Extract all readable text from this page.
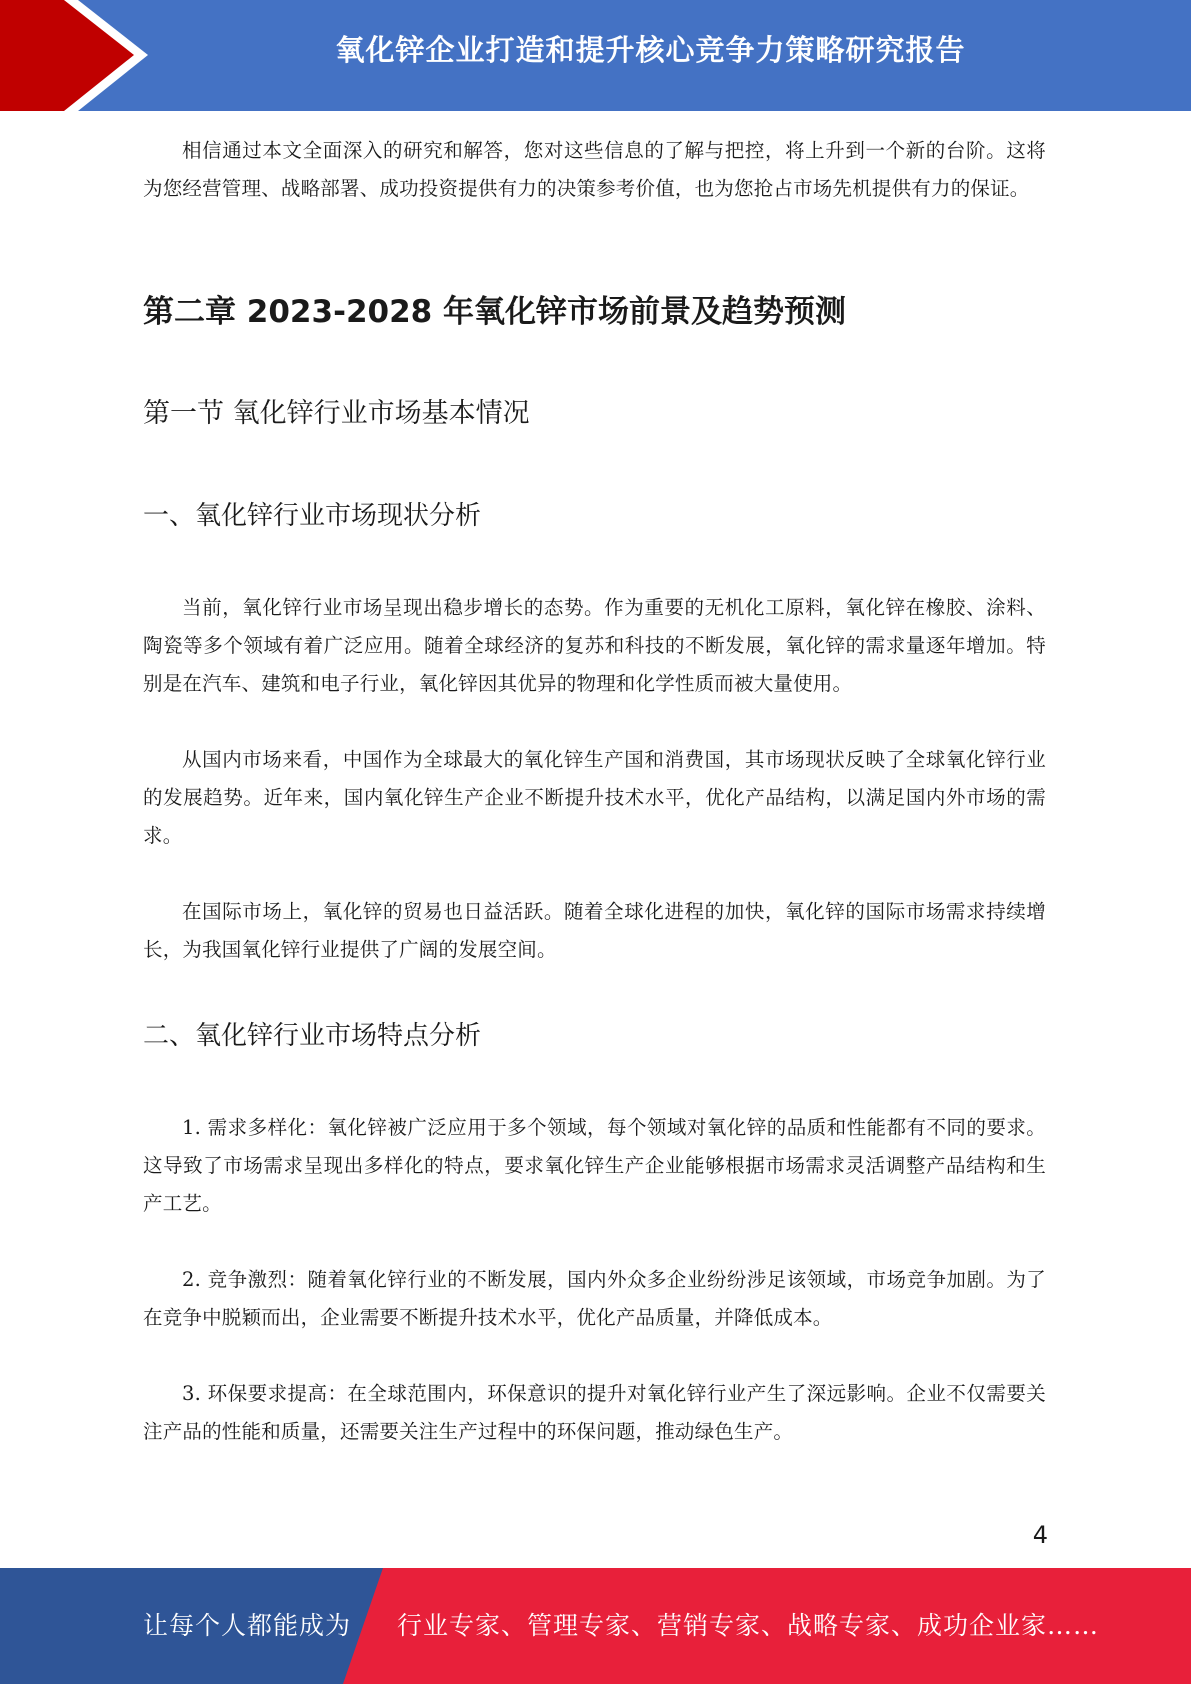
氧化锌企业打造和提升核心竞争力策略研究报告

相信通过本文全面深入的研究和解答，您对这些信息的了解与把控，将上升到一个新的台阶。这将为您经营管理、战略部署、成功投资提供有力的决策参考价值，也为您抢占市场先机提供有力的保证。

第二章 2023-2028 年氧化锌市场前景及趋势预测
第一节 氧化锌行业市场基本情况
一、氧化锌行业市场现状分析

当前，氧化锌行业市场呈现出稳步增长的态势。作为重要的无机化工原料，氧化锌在橡胶、涂料、陶瓷等多个领域有着广泛应用。随着全球经济的复苏和科技的不断发展，氧化锌的需求量逐年增加。特别是在汽车、建筑和电子行业，氧化锌因其优异的物理和化学性质而被大量使用。

从国内市场来看，中国作为全球最大的氧化锌生产国和消费国，其市场现状反映了全球氧化锌行业的发展趋势。近年来，国内氧化锌生产企业不断提升技术水平，优化产品结构，以满足国内外市场的需求。

在国际市场上，氧化锌的贸易也日益活跃。随着全球化进程的加快，氧化锌的国际市场需求持续增长，为我国氧化锌行业提供了广阔的发展空间。

二、氧化锌行业市场特点分析

1. 需求多样化：氧化锌被广泛应用于多个领域，每个领域对氧化锌的品质和性能都有不同的要求。这导致了市场需求呈现出多样化的特点，要求氧化锌生产企业能够根据市场需求灵活调整产品结构和生产工艺。

2. 竞争激烈：随着氧化锌行业的不断发展，国内外众多企业纷纷涉足该领域，市场竞争加剧。为了在竞争中脱颖而出，企业需要不断提升技术水平，优化产品质量，并降低成本。

3. 环保要求提高：在全球范围内，环保意识的提升对氧化锌行业产生了深远影响。企业不仅需要关注产品的性能和质量，还需要关注生产过程中的环保问题，推动绿色生产。

4
让每个人都能成为 行业专家、管理专家、营销专家、战略专家、成功企业家……
